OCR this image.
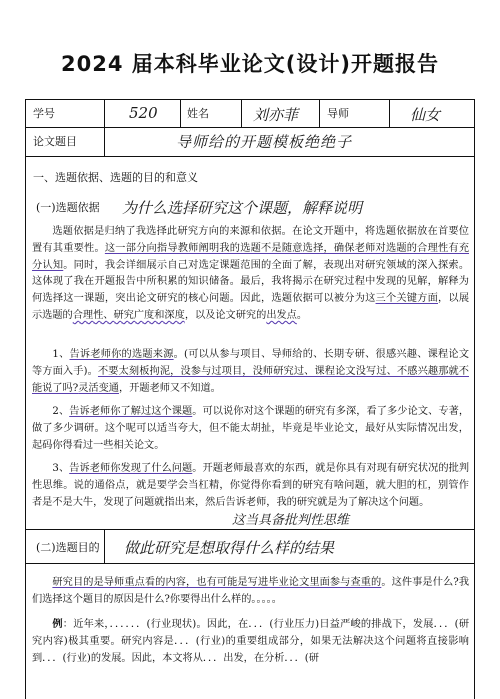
2024 届本科毕业论文(设计)开题报告
学号	520	姓名	刘亦菲	导师	仙女
论文题目	导师给的开题模板绝绝子
一、选题依据、选题的目的和意义
(一)选题依据 为什么选择研究这个课题，解释说明
选题依据是归纳了我选择此研究方向的来源和依据。在论文开题中，将选题依据放在首要位置有其重要性。这一部分向指导教师阐明我的选题不是随意选择，确保老师对选题的合理性有充分认知。同时，我会详细展示自己对选定课题范围的全面了解，表现出对研究领域的深入探索。这体现了我在开题报告中所积累的知识储备。最后，我将揭示在研究过程中发现的见解，解释为何选择这一课题，突出论文研究的核心问题。因此，选题依据可以被分为这三个关键方面，以展示选题的合理性、研究广度和深度，以及论文研究的出发点。
1、告诉老师你的选题来源。(可以从参与项目、导师给的、长期专研、很感兴趣、课程论文等方面入手)。不要太刻板拘泥，没参与过项目，没师研究过、课程论文没写过、不感兴趣那就不能说了吗?灵活变通，开题老师又不知道。
2、告诉老师你了解过这个课题。可以说你对这个课题的研究有多深，看了多少论文、专著，做了多少调研。这个呢可以适当夸大，但不能太胡扯，毕竟是毕业论文，最好从实际情况出发，起码你得看过一些相关论文。
3、告诉老师你发现了什么问题。开题老师最喜欢的东西，就是你具有对现有研究状况的批判性思维。说的通俗点，就是要学会当杠精，你觉得你看到的研究有啥问题，就大胆的杠，别管作者是不是大牛，发现了问题就指出来，然后告诉老师，我的研究就是为了解决这个问题。
这当具备批判性思维
(二)选题目的 做此研究是想取得什么样的结果
研究目的是导师重点看的内容，也有可能是写进毕业论文里面参与查重的。这件事是什么?我们选择这个题目的原因是什么?你要得出什么样的。。。。。
例：近年来，．．．．．．(行业现状)。因此，在．．．(行业压力)日益严峻的排战下，发展．．．(研究内容)极其重要。研究内容是．．．(行业)的重要组成部分，如果无法解决这个问题将直接影响到．．．(行业)的发展。因此，本文将从．．．出发，在分析．．．(研
